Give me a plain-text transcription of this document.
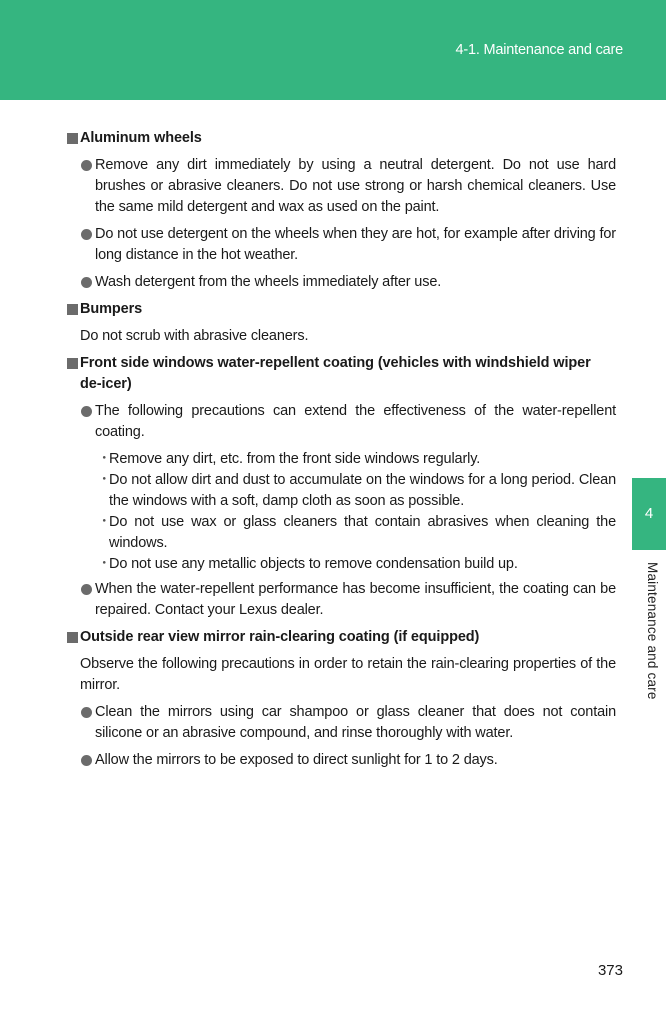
4-1. Maintenance and care
4
Maintenance and care
Aluminum wheels
Remove any dirt immediately by using a neutral detergent. Do not use hard brushes or abrasive cleaners. Do not use strong or harsh chemical cleaners. Use the same mild detergent and wax as used on the paint.
Do not use detergent on the wheels when they are hot, for example after driving for long distance in the hot weather.
Wash detergent from the wheels immediately after use.
Bumpers
Do not scrub with abrasive cleaners.
Front side windows water-repellent coating (vehicles with windshield wiper de-icer)
The following precautions can extend the effectiveness of the water-repellent coating.
・
Remove any dirt, etc. from the front side windows regularly.
・
Do not allow dirt and dust to accumulate on the windows for a long period. Clean the windows with a soft, damp cloth as soon as possible.
・
Do not use wax or glass cleaners that contain abrasives when cleaning the windows.
・
Do not use any metallic objects to remove condensation build up.
When the water-repellent performance has become insufficient, the coating can be repaired. Contact your Lexus dealer.
Outside rear view mirror rain-clearing coating (if equipped)
Observe the following precautions in order to retain the rain-clearing properties of the mirror.
Clean the mirrors using car shampoo or glass cleaner that does not contain silicone or an abrasive compound, and rinse thoroughly with water.
Allow the mirrors to be exposed to direct sunlight for 1 to 2 days.
373
